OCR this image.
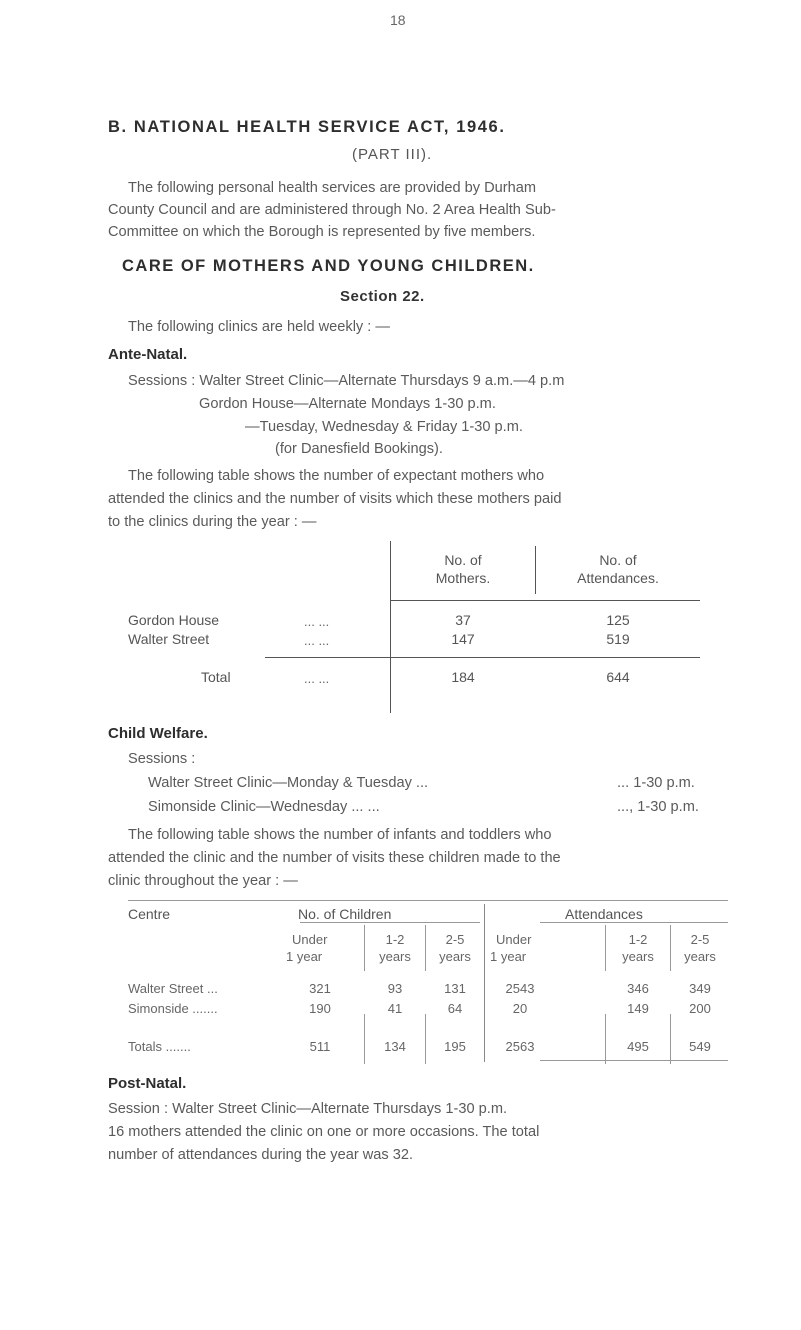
18
B. NATIONAL HEALTH SERVICE ACT, 1946.
(PART III).
The following personal health services are provided by Durham
County Council and are administered through No. 2 Area Health Sub-
Committee on which the Borough is represented by five members.
CARE OF MOTHERS AND YOUNG CHILDREN.
Section 22.
The following clinics are held weekly : —
Ante-Natal.
Sessions : Walter Street Clinic—Alternate Thursdays 9 a.m.—4 p.m
Gordon House—Alternate Mondays 1-30 p.m.
—Tuesday, Wednesday & Friday 1-30 p.m.
(for Danesfield Bookings).
The following table shows the number of expectant mothers who
attended the clinics and the number of visits which these mothers paid
to the clinics during the year : —
No. of
Mothers.
No. of
Attendances.
Gordon House	... ...	37	125
Walter Street	... ...	147	519
Total	... ...	184	644
Child Welfare.
Sessions :
Walter Street Clinic—Monday & Tuesday ...	... 1-30 p.m.
Simonside Clinic—Wednesday ... ...	..., 1-30 p.m.
The following table shows the number of infants and toddlers who
attended the clinic and the number of visits these children made to the
clinic throughout the year : —
Centre	No. of Children	Attendances
Under
1 year
1-2
years
2-5
years
Under
1 year
1-2
years
2-5
years
Walter Street ...	321	93	131	2543	346	349
Simonside .......	190	41	64	20	149	200
Totals .......	511	134	195	2563	495	549
Post-Natal.
Session : Walter Street Clinic—Alternate Thursdays 1-30 p.m.
16 mothers attended the clinic on one or more occasions. The total
number of attendances during the year was 32.
